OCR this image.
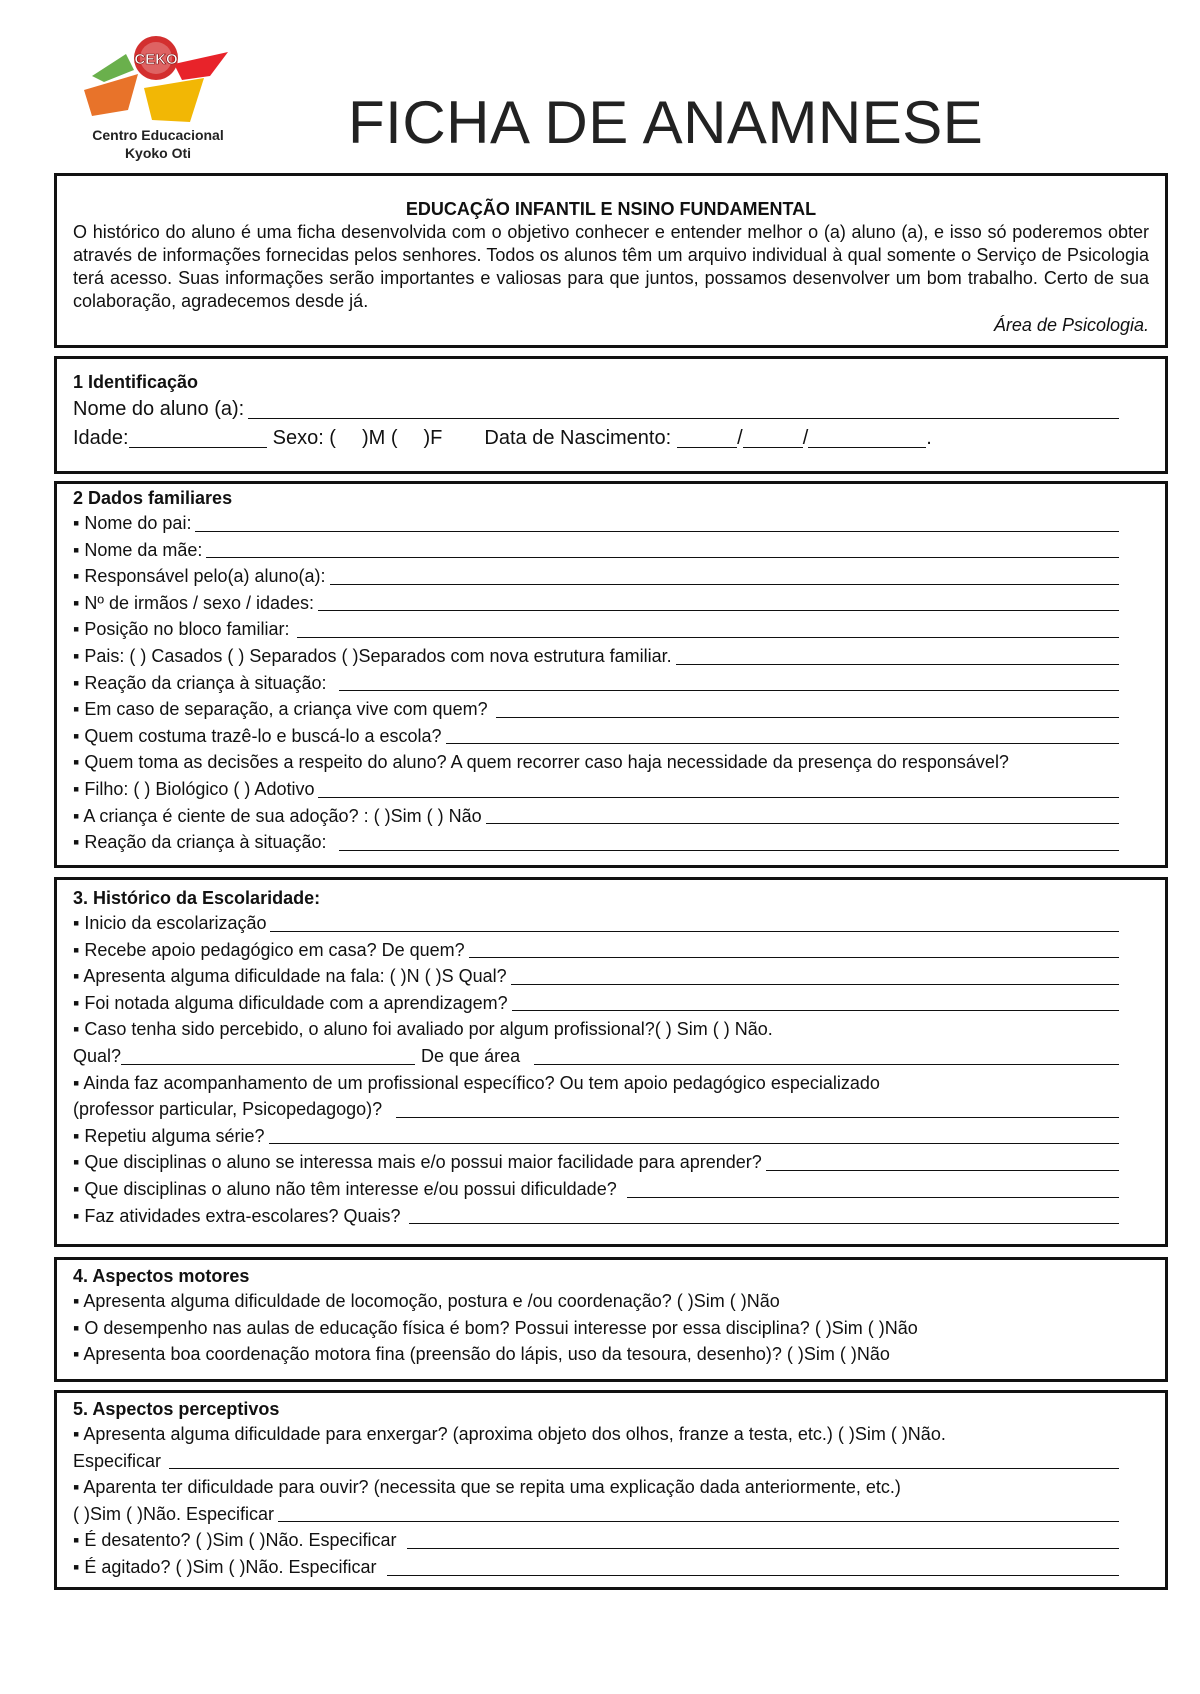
CEKO
Centro Educacional
Kyoko Oti	FICHA DE ANAMNESE
EDUCAÇÃO INFANTIL E NSINO FUNDAMENTAL
O histórico do aluno é uma ficha desenvolvida com o objetivo conhecer e entender melhor o (a) aluno (a), e isso só poderemos obter através de informações fornecidas pelos senhores. Todos os alunos têm um arquivo individual à qual somente o Serviço de Psicologia terá acesso. Suas informações serão importantes e valiosas para que juntos, possamos desenvolver um bom trabalho. Certo de sua colaboração, agradecemos desde já.
Área de Psicologia.
1 Identificação
Nome do aluno (a):
Idade:	Sexo: ( )M ( )F Data de Nascimento:	/	/	.
2 Dados familiares
▪ Nome do pai:
▪ Nome da mãe:
▪ Responsável pelo(a) aluno(a):
▪ Nº de irmãos / sexo / idades:
▪ Posição no bloco familiar:
▪ Pais: ( ) Casados ( ) Separados ( )Separados com nova estrutura familiar.
▪ Reação da criança à situação:
▪ Em caso de separação, a criança vive com quem?
▪ Quem costuma trazê-lo e buscá-lo a escola?
▪ Quem toma as decisões a respeito do aluno? A quem recorrer caso haja necessidade da presença do responsável?
▪ Filho: ( ) Biológico ( ) Adotivo
▪ A criança é ciente de sua adoção? : ( )Sim ( ) Não
▪ Reação da criança à situação:
3. Histórico da Escolaridade:
▪ Inicio da escolarização
▪ Recebe apoio pedagógico em casa? De quem?
▪ Apresenta alguma dificuldade na fala: ( )N ( )S Qual?
▪ Foi notada alguma dificuldade com a aprendizagem?
▪ Caso tenha sido percebido, o aluno foi avaliado por algum profissional?( ) Sim ( ) Não.
Qual?	De que área
▪ Ainda faz acompanhamento de um profissional específico? Ou tem apoio pedagógico especializado
(professor particular, Psicopedagogo)?
▪ Repetiu alguma série?
▪ Que disciplinas o aluno se interessa mais e/o possui maior facilidade para aprender?
▪ Que disciplinas o aluno não têm interesse e/ou possui dificuldade?
▪ Faz atividades extra-escolares? Quais?
4. Aspectos motores
▪ Apresenta alguma dificuldade de locomoção, postura e /ou coordenação? ( )Sim ( )Não
▪ O desempenho nas aulas de educação física é bom? Possui interesse por essa disciplina? ( )Sim ( )Não
▪ Apresenta boa coordenação motora fina (preensão do lápis, uso da tesoura, desenho)? ( )Sim ( )Não
5. Aspectos perceptivos
▪ Apresenta alguma dificuldade para enxergar? (aproxima objeto dos olhos, franze a testa, etc.) ( )Sim ( )Não.
Especificar
▪ Aparenta ter dificuldade para ouvir? (necessita que se repita uma explicação dada anteriormente, etc.)
( )Sim ( )Não. Especificar
▪ É desatento? ( )Sim ( )Não. Especificar
▪ É agitado? ( )Sim ( )Não. Especificar
